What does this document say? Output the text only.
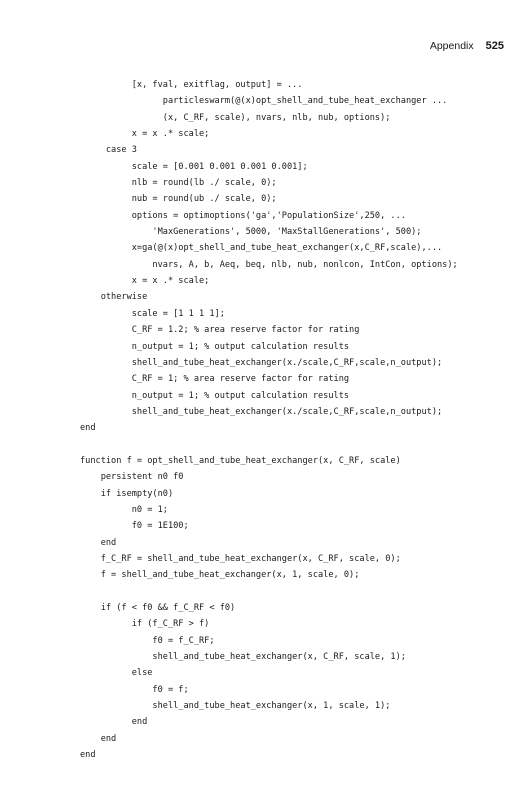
Appendix 525
[x, fval, exitflag, output] = ...
particleswarm(@(x)opt_shell_and_tube_heat_exchanger ...
(x, C_RF, scale), nvars, nlb, nub, options);
x = x .* scale;
case 3
scale = [0.001 0.001 0.001 0.001];
nlb = round(lb ./ scale, 0);
nub = round(ub ./ scale, 0);
options = optimoptions('ga','PopulationSize',250, ...
'MaxGenerations', 5000, 'MaxStallGenerations', 500);
x=ga(@(x)opt_shell_and_tube_heat_exchanger(x,C_RF,scale),...
nvars, A, b, Aeq, beq, nlb, nub, nonlcon, IntCon, options);
x = x .* scale;
otherwise
scale = [1 1 1 1];
C_RF = 1.2; % area reserve factor for rating
n_output = 1; % output calculation results
shell_and_tube_heat_exchanger(x./scale,C_RF,scale,n_output);
C_RF = 1; % area reserve factor for rating
n_output = 1; % output calculation results
shell_and_tube_heat_exchanger(x./scale,C_RF,scale,n_output);
end
function f = opt_shell_and_tube_heat_exchanger(x, C_RF, scale)
persistent n0 f0
if isempty(n0)
n0 = 1;
f0 = 1E100;
end
f_C_RF = shell_and_tube_heat_exchanger(x, C_RF, scale, 0);
f = shell_and_tube_heat_exchanger(x, 1, scale, 0);
if (f < f0 && f_C_RF < f0)
if (f_C_RF > f)
f0 = f_C_RF;
shell_and_tube_heat_exchanger(x, C_RF, scale, 1);
else
f0 = f;
shell_and_tube_heat_exchanger(x, 1, scale, 1);
end
end
end
